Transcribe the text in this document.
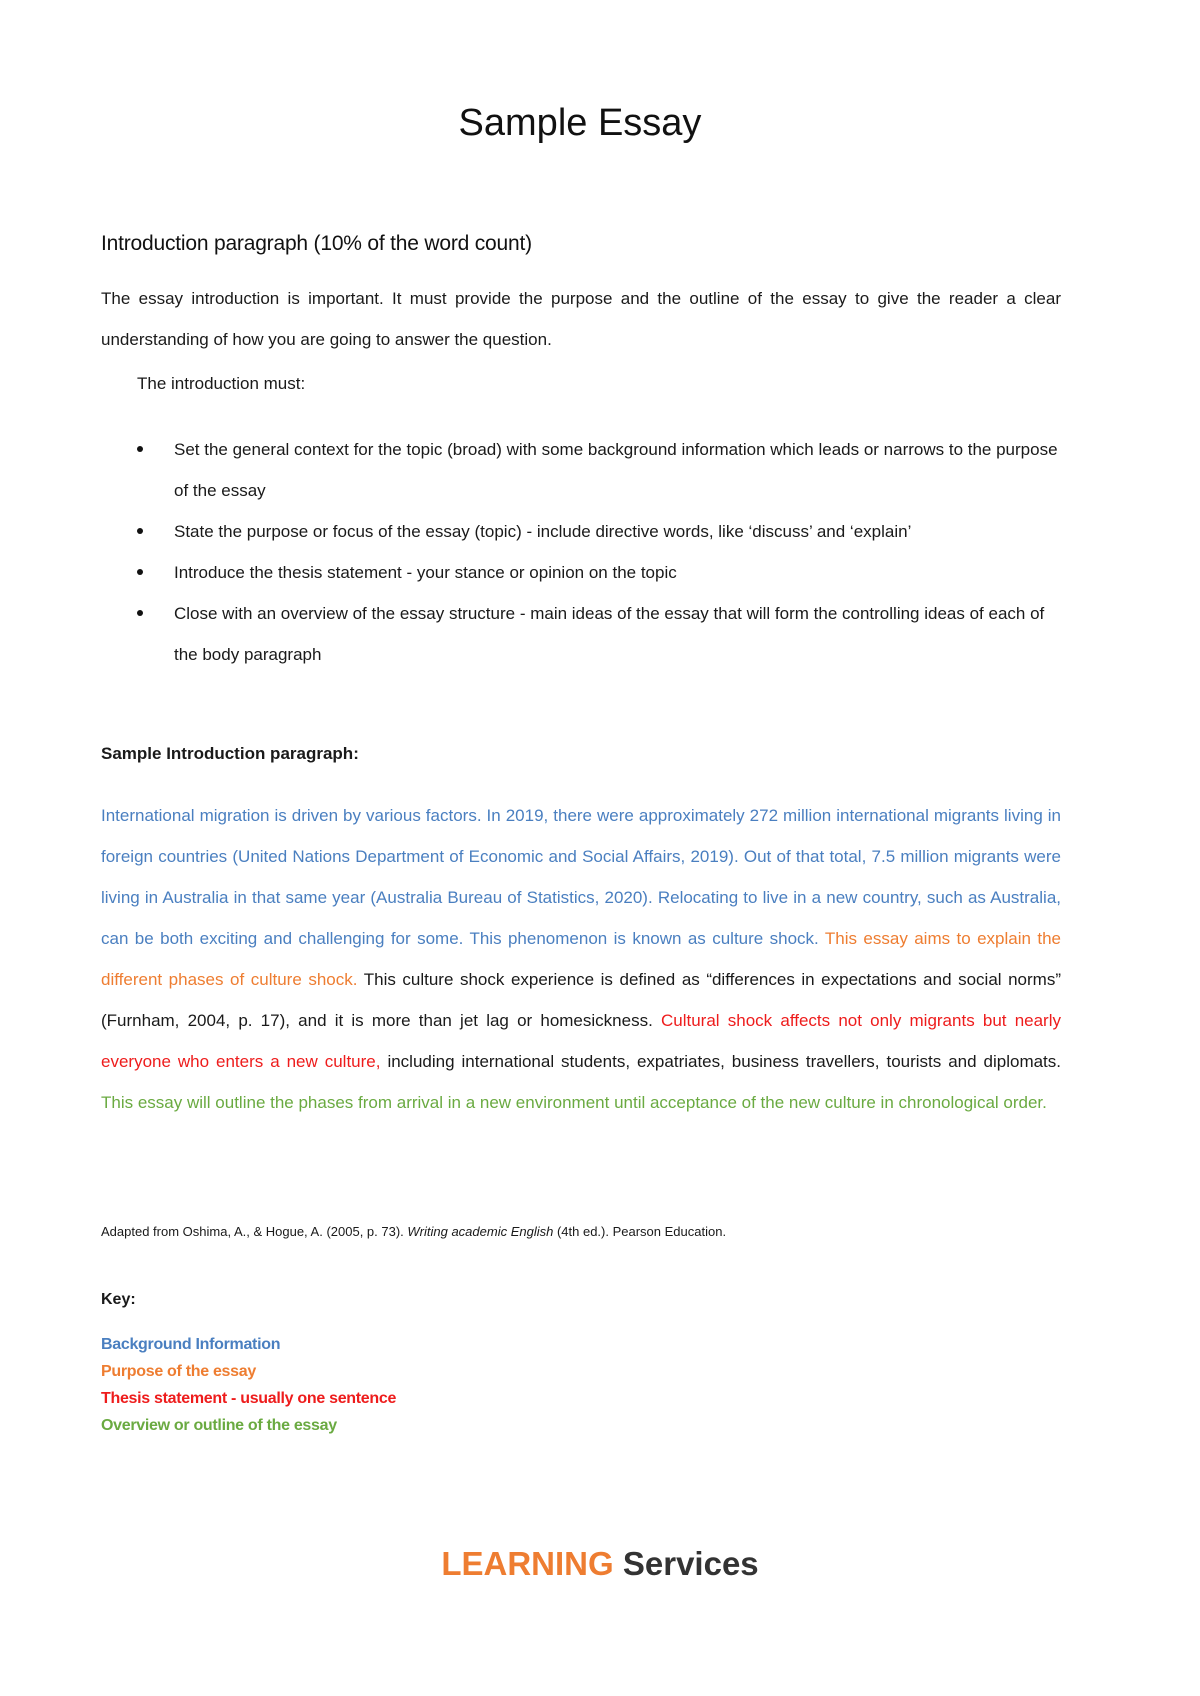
Sample Essay
Introduction paragraph (10% of the word count)
The essay introduction is important. It must provide the purpose and the outline of the essay to give the reader a clear understanding of how you are going to answer the question.
The introduction must:
Set the general context for the topic (broad) with some background information which leads or narrows to the purpose of the essay
State the purpose or focus of the essay (topic) - include directive words, like ‘discuss’ and ‘explain’
Introduce the thesis statement - your stance or opinion on the topic
Close with an overview of the essay structure - main ideas of the essay that will form the controlling ideas of each of the body paragraph
Sample Introduction paragraph:
International migration is driven by various factors. In 2019, there were approximately 272 million international migrants living in foreign countries (United Nations Department of Economic and Social Affairs, 2019). Out of that total, 7.5 million migrants were living in Australia in that same year (Australia Bureau of Statistics, 2020). Relocating to live in a new country, such as Australia, can be both exciting and challenging for some. This phenomenon is known as culture shock. This essay aims to explain the different phases of culture shock. This culture shock experience is defined as “differences in expectations and social norms” (Furnham, 2004, p. 17), and it is more than jet lag or homesickness. Cultural shock affects not only migrants but nearly everyone who enters a new culture, including international students, expatriates, business travellers, tourists and diplomats. This essay will outline the phases from arrival in a new environment until acceptance of the new culture in chronological order.
Adapted from Oshima, A., & Hogue, A. (2005, p. 73). Writing academic English (4th ed.). Pearson Education.
Key:
Background Information
Purpose of the essay
Thesis statement - usually one sentence
Overview or outline of the essay
LEARNING Services
